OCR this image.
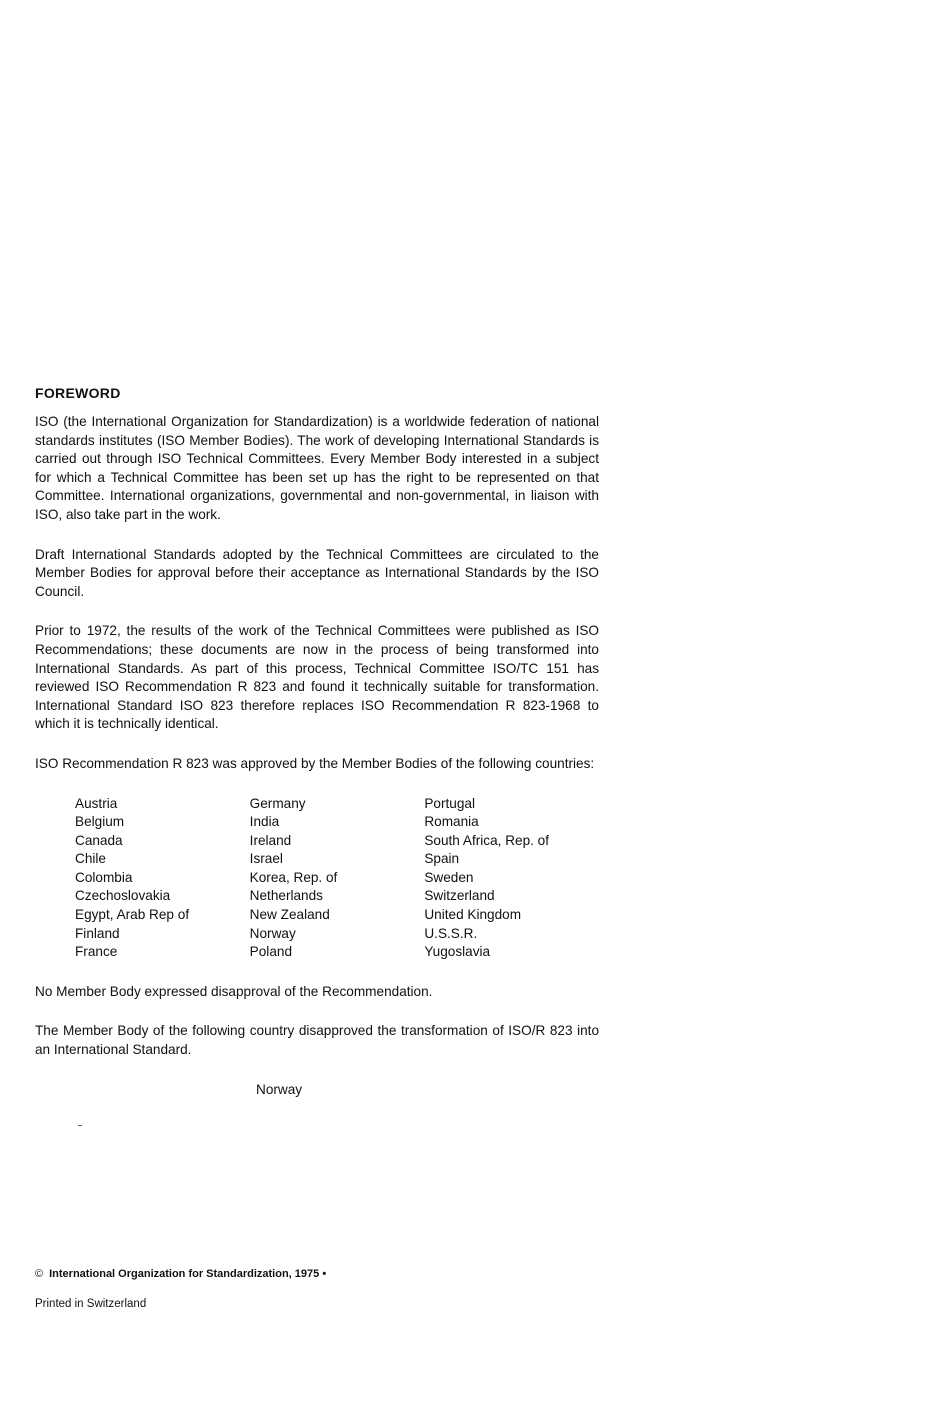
FOREWORD

ISO (the International Organization for Standardization) is a worldwide federation of national standards institutes (ISO Member Bodies). The work of developing International Standards is carried out through ISO Technical Committees. Every Member Body interested in a subject for which a Technical Committee has been set up has the right to be represented on that Committee. International organizations, governmental and non-governmental, in liaison with ISO, also take part in the work.

Draft International Standards adopted by the Technical Committees are circulated to the Member Bodies for approval before their acceptance as International Standards by the ISO Council.

Prior to 1972, the results of the work of the Technical Committees were published as ISO Recommendations; these documents are now in the process of being transformed into International Standards. As part of this process, Technical Committee ISO/TC 151 has reviewed ISO Recommendation R 823 and found it technically suitable for transformation. International Standard ISO 823 therefore replaces ISO Recommendation R 823-1968 to which it is technically identical.

ISO Recommendation R 823 was approved by the Member Bodies of the following countries:

Austria
Belgium
Canada
Chile
Colombia
Czechoslovakia
Egypt, Arab Rep of
Finland
France
Germany
India
Ireland
Israel
Korea, Rep. of
Netherlands
New Zealand
Norway
Poland
Portugal
Romania
South Africa, Rep. of
Spain
Sweden
Switzerland
United Kingdom
U.S.S.R.
Yugoslavia

No Member Body expressed disapproval of the Recommendation.

The Member Body of the following country disapproved the transformation of ISO/R 823 into an International Standard.

Norway
© International Organization for Standardization, 1975 •
Printed in Switzerland
